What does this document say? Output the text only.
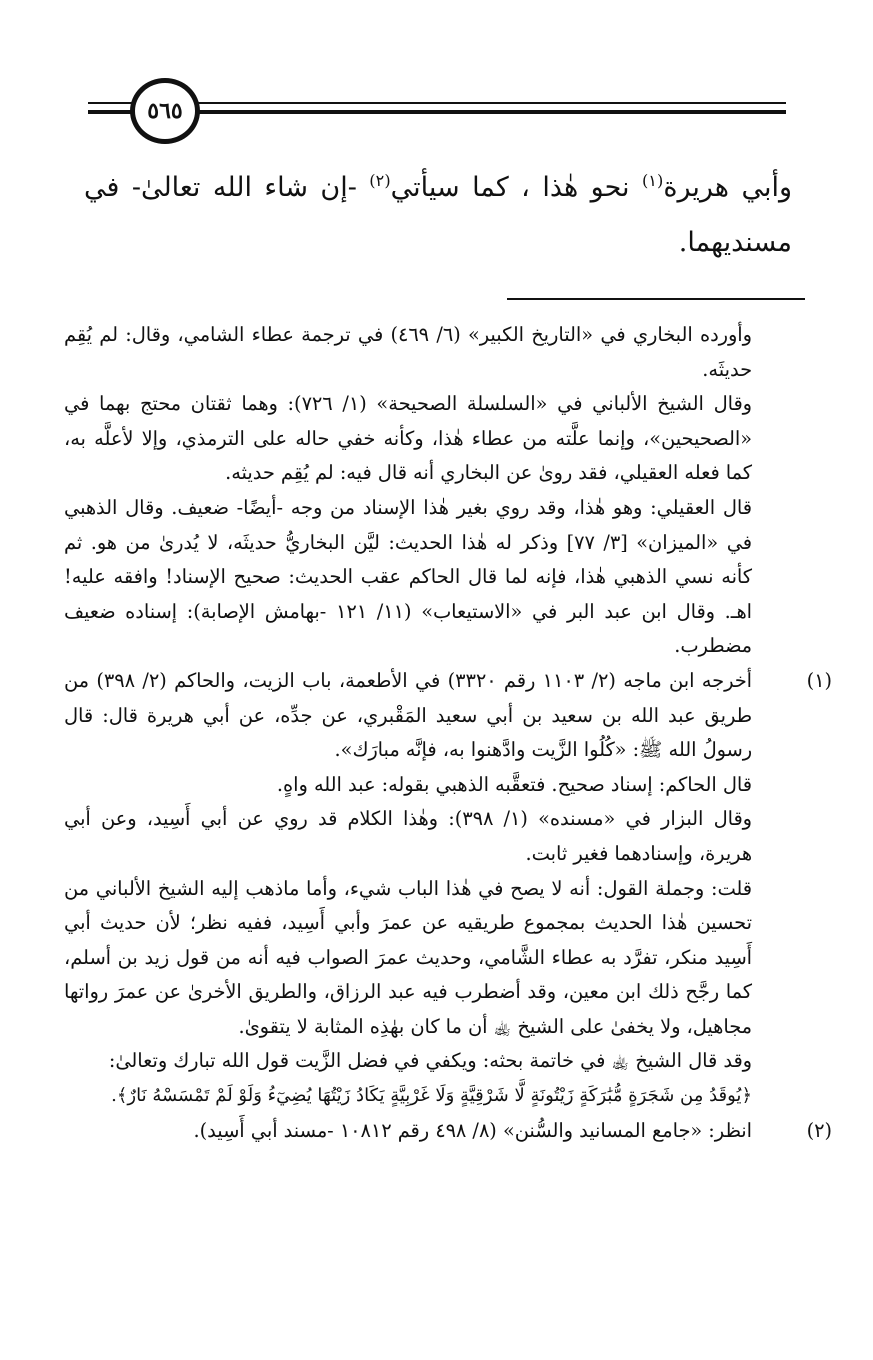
٥٦٥
وأبي هريرة$^{(١)}$ نحو هٰذا ، كما سيأتي$^{(٢)}$ -إن شاء الله تعالىٰ- في مسنديهما.

وأورده البخاري في «التاريخ الكبير» (٦/ ٤٦٩) في ترجمة عطاء الشامي، وقال: لم يُقِم حديثَه.

وقال الشيخ الألباني في «السلسلة الصحيحة» (١/ ٧٢٦): وهما ثقتان محتج بهما في «الصحيحين»، وإنما علَّته من عطاء هٰذا، وكأنه خفي حاله على الترمذي، وإلا لأعلَّه به، كما فعله العقيلي، فقد روىٰ عن البخاري أنه قال فيه: لم يُقِم حديثه.

قال العقيلي: وهو هٰذا، وقد روي بغير هٰذا الإسناد من وجه -أيضًا- ضعيف. وقال الذهبي في «الميزان» [٣/ ٧٧] وذكر له هٰذا الحديث: ليَّن البخاريُّ حديثَه، لا يُدرىٰ من هو. ثم كأنه نسي الذهبي هٰذا، فإنه لما قال الحاكم عقب الحديث: صحيح الإسناد! وافقه عليه! اهـ. وقال ابن عبد البر في «الاستيعاب» (١١/ ١٢١ -بهامش الإصابة): إسناده ضعيف مضطرب.

(١)
أخرجه ابن ماجه (٢/ ١١٠٣ رقم ٣٣٢٠) في الأطعمة، باب الزيت، والحاكم (٢/ ٣٩٨) من طريق عبد الله بن سعيد بن أبي سعيد المَقْبري، عن جدِّه، عن أبي هريرة قال: قال رسولُ الله ﷺ: «كُلُوا الزَّيت وادَّهنوا به، فإنَّه مبارَك».

قال الحاكم: إسناد صحيح. فتعقَّبه الذهبي بقوله: عبد الله واهٍ.

وقال البزار في «مسنده» (١/ ٣٩٨): وهٰذا الكلام قد روي عن أبي أَسِيد، وعن أبي هريرة، وإسنادهما فغير ثابت.

قلت: وجملة القول: أنه لا يصح في هٰذا الباب شيء، وأما ماذهب إليه الشيخ الألباني من تحسين هٰذا الحديث بمجموع طريقيه عن عمرَ وأبي أَسِيد، ففيه نظر؛ لأن حديث أبي أَسِيد منكر، تفرَّد به عطاء الشَّامي، وحديث عمرَ الصواب فيه أنه من قول زيد بن أسلم، كما رجَّح ذلك ابن معين، وقد أضطرب فيه عبد الرزاق، والطريق الأخرىٰ عن عمرَ رواتها مجاهيل، ولا يخفىٰ على الشيخ ﵀ أن ما كان بهٰذِه المثابة لا يتقوىٰ.

وقد قال الشيخ ﵀ في خاتمة بحثه: ويكفي في فضل الزَّيت قول الله تبارك وتعالىٰ:

﴿يُوقَدُ مِن شَجَرَةٍ مُّبَٰرَكَةٍ زَيْتُونَةٍ لَّا شَرْقِيَّةٍ وَلَا غَرْبِيَّةٍ يَكَادُ زَيْتُهَا يُضِيٓءُ وَلَوْ لَمْ تَمْسَسْهُ نَارٌ﴾.

(٢)
انظر: «جامع المسانيد والسُّنن» (٨/ ٤٩٨ رقم ١٠٨١٢ -مسند أبي أَسِيد).
